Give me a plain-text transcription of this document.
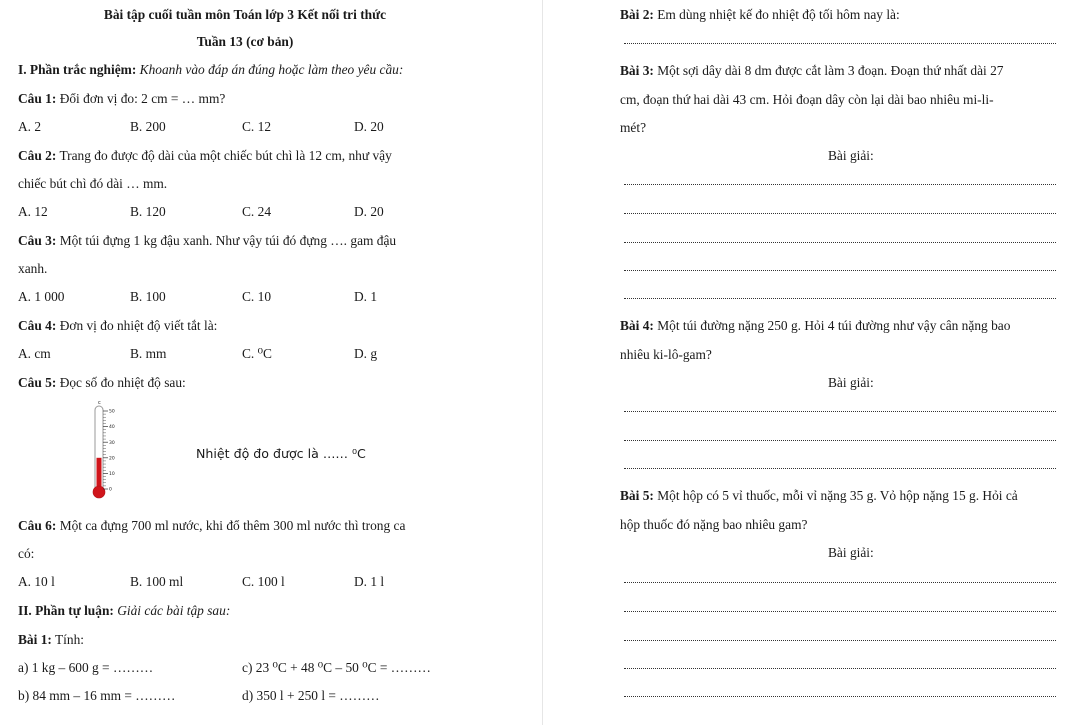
Bài tập cuối tuần môn Toán lớp 3 Kết nối tri thức
Tuần 13 (cơ bản)
I. Phần trắc nghiệm: Khoanh vào đáp án đúng hoặc làm theo yêu cầu:
Câu 1: Đổi đơn vị đo: 2 cm = … mm?
A. 2	B. 200	C. 12	D. 20
Câu 2: Trang đo được độ dài của một chiếc bút chì là 12 cm, như vậy
chiếc bút chì đó dài … mm.
A. 12	B. 120	C. 24	D. 20
Câu 3: Một túi đựng 1 kg đậu xanh. Như vậy túi đó đựng …. gam đậu
xanh.
A. 1 000	B. 100	C. 10	D. 1
Câu 4: Đơn vị đo nhiệt độ viết tắt là:
A. cm	B. mm	C. ⁰C	D. g
Câu 5: Đọc số đo nhiệt độ sau:
c
50
40
30
20
10
0
Nhiệt độ đo được là …… ⁰C
Câu 6: Một ca đựng 700 ml nước, khi đổ thêm 300 ml nước thì trong ca
có:
A. 10 l	B. 100 ml	C. 100 l	D. 1 l
II. Phần tự luận: Giải các bài tập sau:
Bài 1: Tính:
a) 1 kg – 600 g = ………	c) 23 ⁰C + 48 ⁰C – 50 ⁰C = ………
b) 84 mm – 16 mm = ………	d) 350 l + 250 l = ………
Bài 2: Em dùng nhiệt kế đo nhiệt độ tối hôm nay là:
Bài 3: Một sợi dây dài 8 dm được cắt làm 3 đoạn. Đoạn thứ nhất dài 27
cm, đoạn thứ hai dài 43 cm. Hỏi đoạn dây còn lại dài bao nhiêu mi-li-
mét?
Bài giải:
Bài 4: Một túi đường nặng 250 g. Hỏi 4 túi đường như vậy cân nặng bao
nhiêu ki-lô-gam?
Bài giải:
Bài 5: Một hộp có 5 vỉ thuốc, mỗi vỉ nặng 35 g. Vỏ hộp nặng 15 g. Hỏi cả
hộp thuốc đó nặng bao nhiêu gam?
Bài giải:
